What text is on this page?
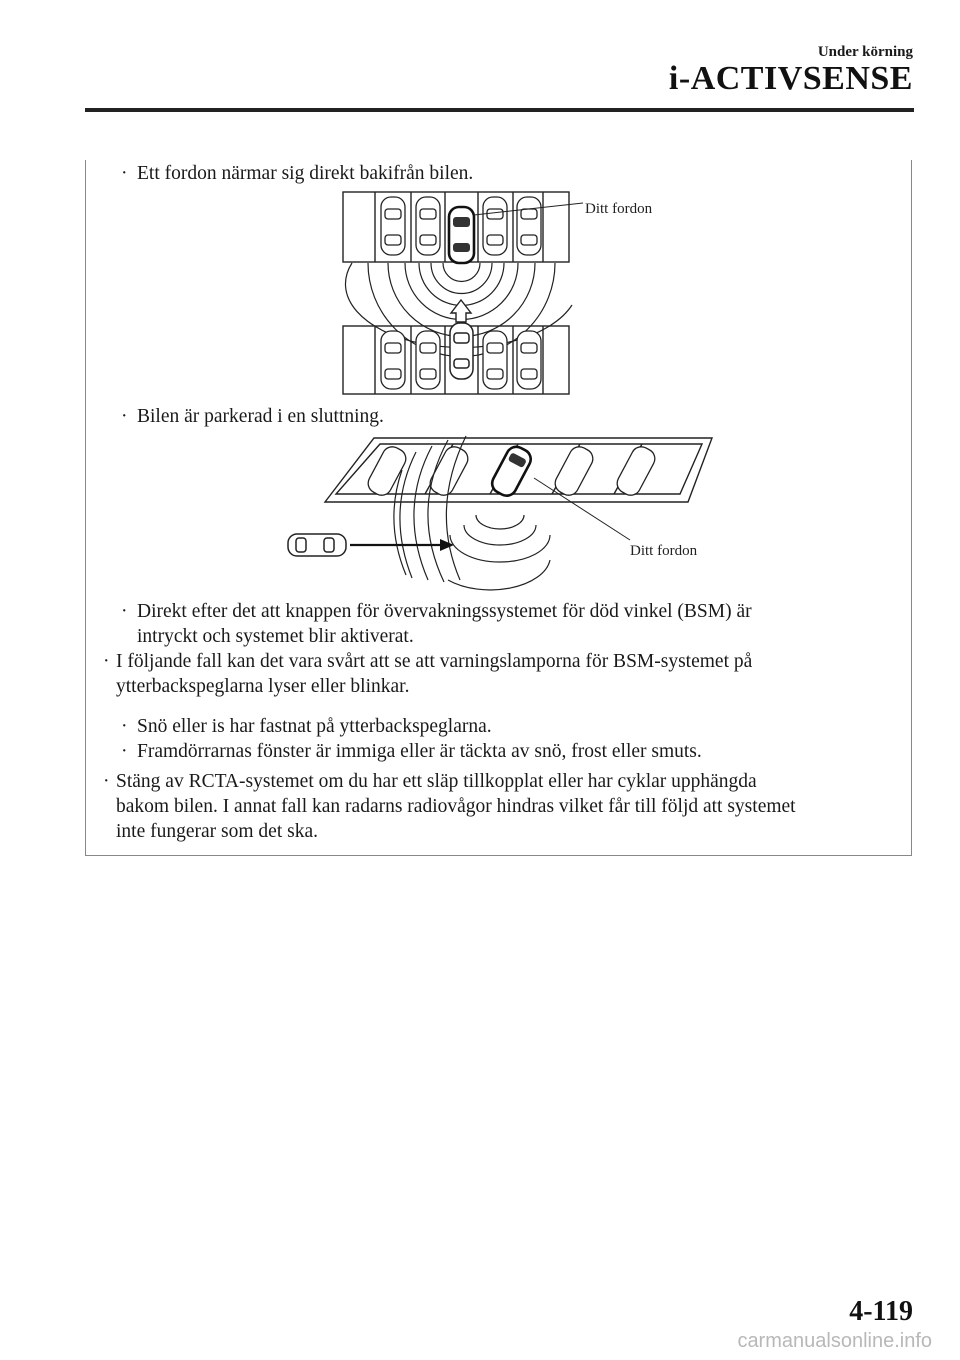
Under körning
i-ACTIVSENSE
· Ett fordon närmar sig direkt bakifrån bilen.
Ditt fordon
· Bilen är parkerad i en sluttning.
Ditt fordon
· Direkt efter det att knappen för övervakningssystemet för död vinkel (BSM) är
intryckt och systemet blir aktiverat.
· I följande fall kan det vara svårt att se att varningslamporna för BSM-systemet på
ytterbackspeglarna lyser eller blinkar.
· Snö eller is har fastnat på ytterbackspeglarna.
· Framdörrarnas fönster är immiga eller är täckta av snö, frost eller smuts.
· Stäng av RCTA-systemet om du har ett släp tillkopplat eller har cyklar upphängda
bakom bilen. I annat fall kan radarns radiovågor hindras vilket får till följd att systemet
inte fungerar som det ska.
4-119
carmanualsonline.info
